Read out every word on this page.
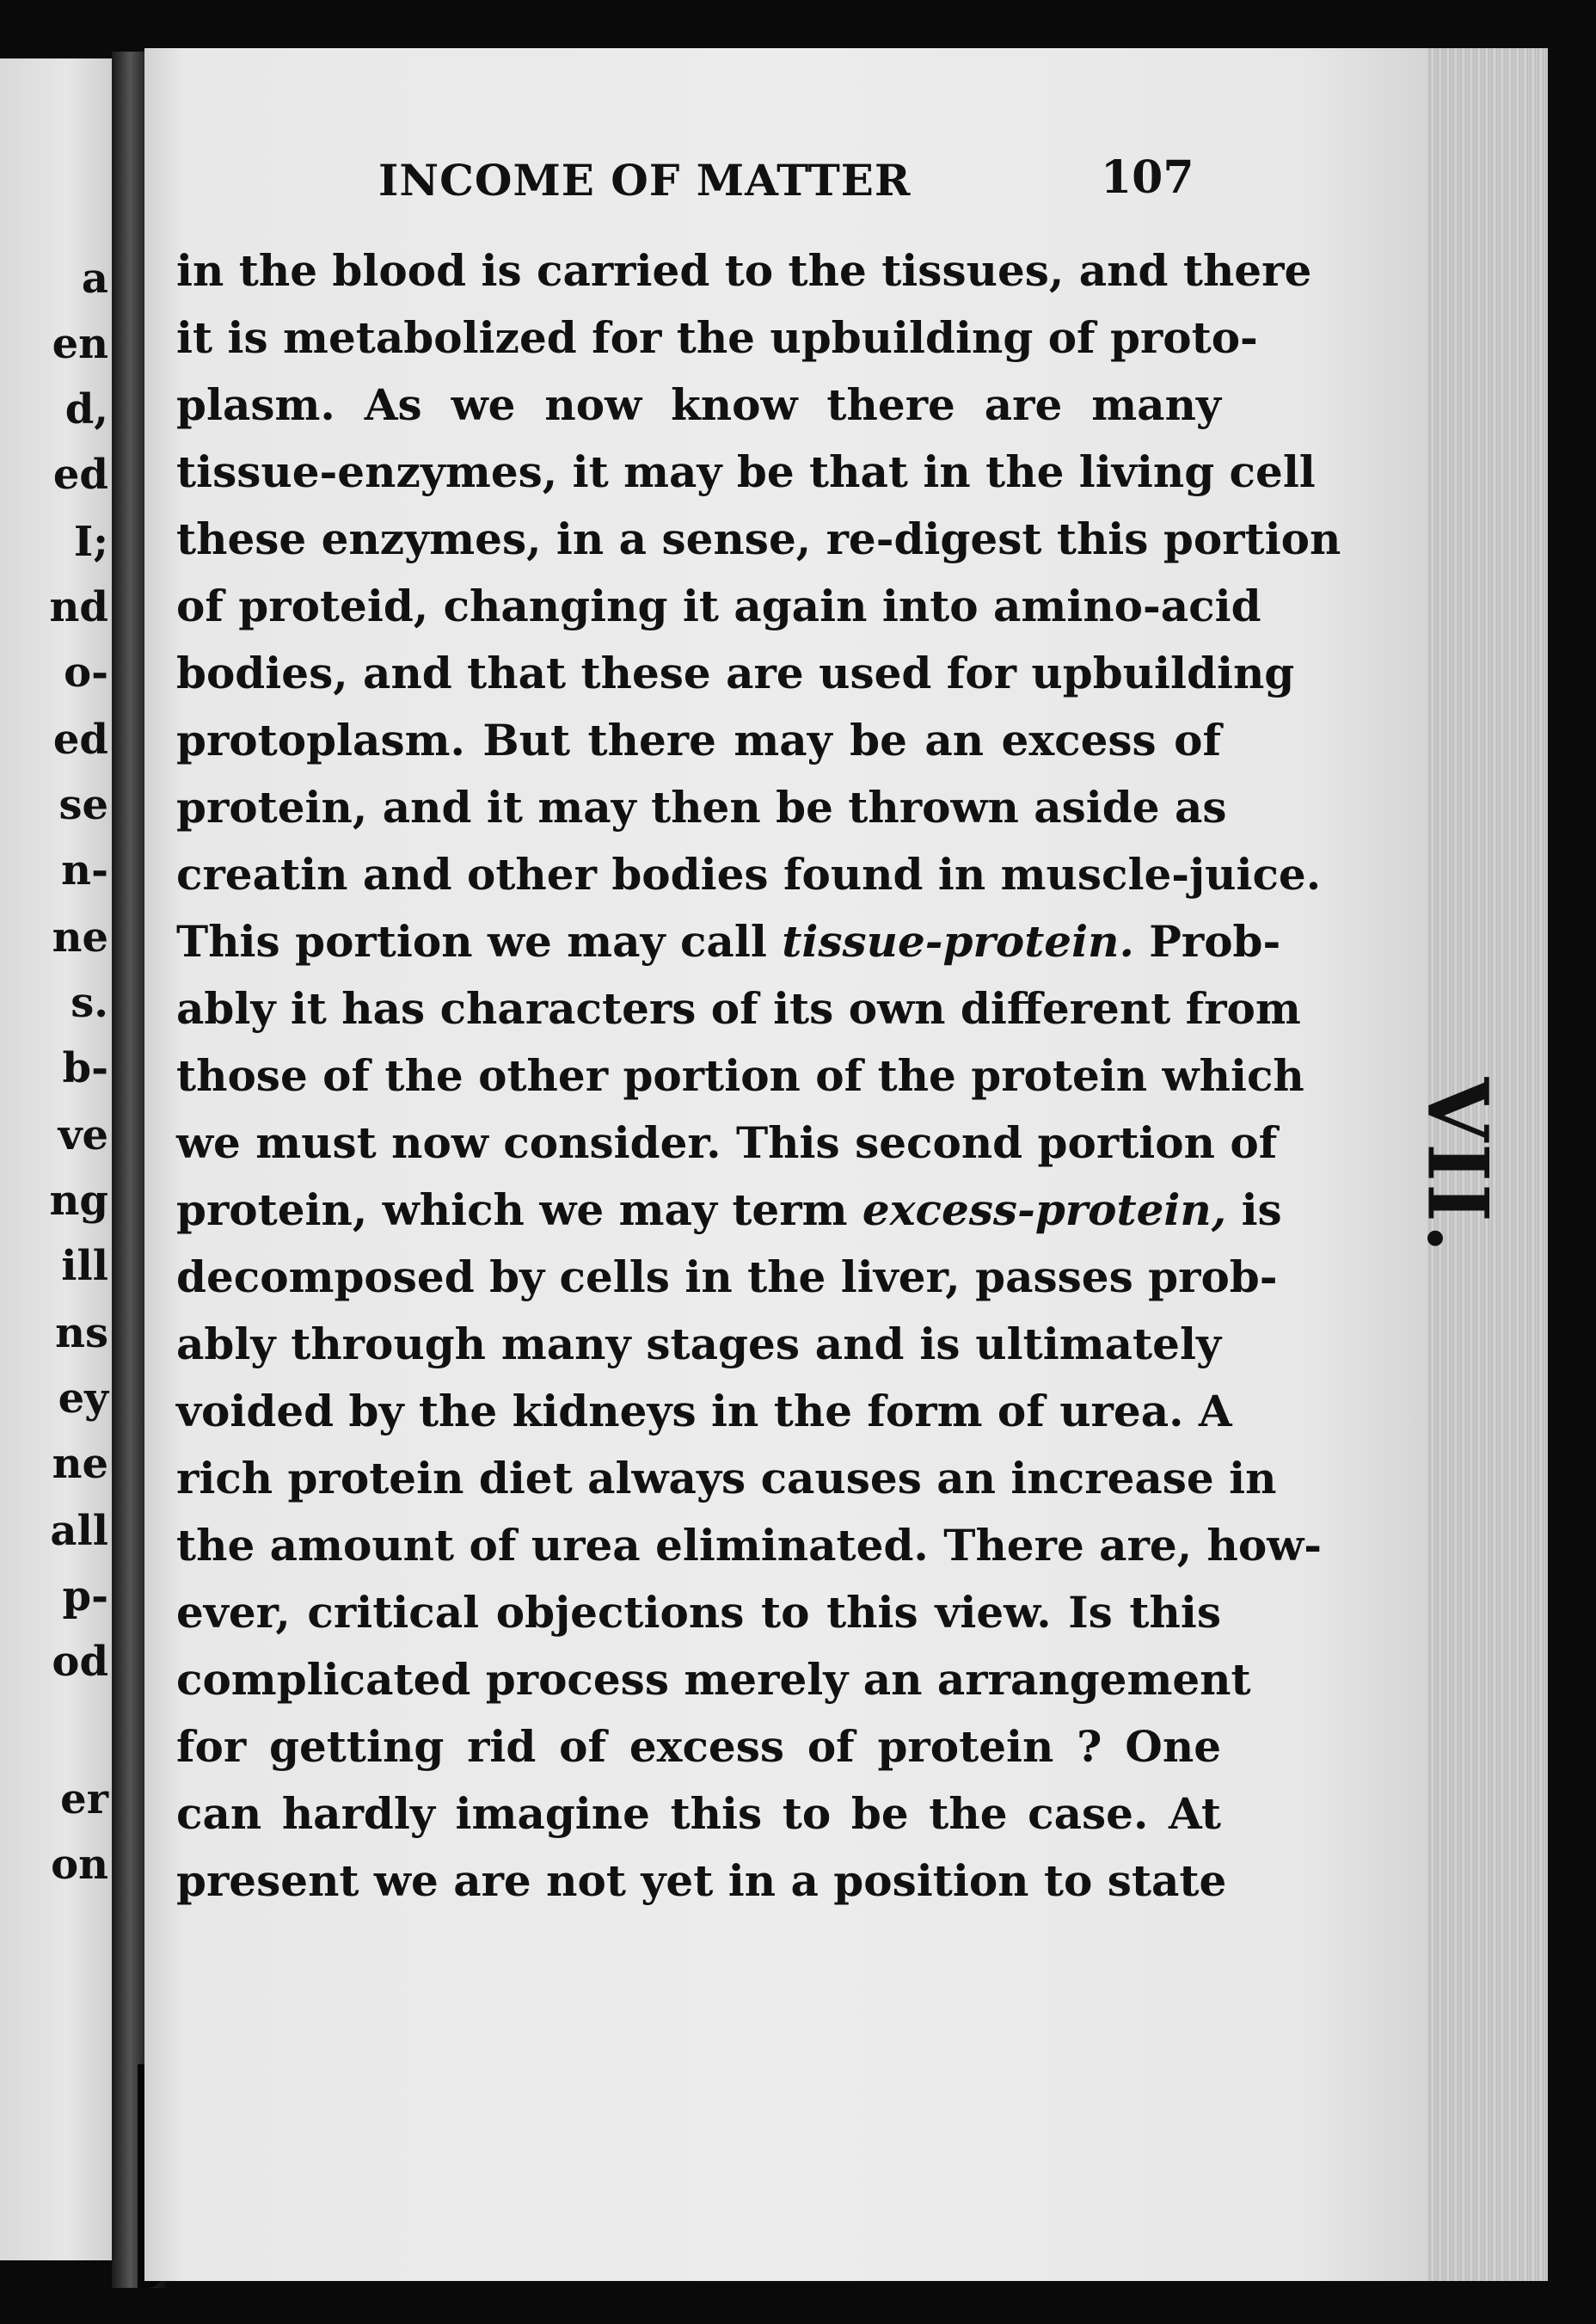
a
en
d,
ed
I;
nd
o-
ed
se
n-
ne
s.
b-
ve
ng
ill
ns
ey
ne
all
p-
od
er
on
VII.
INCOME OF MATTER	107
in the blood is carried to the tissues, and there
it is metabolized for the upbuilding of proto-
plasm. As we now know there are many
tissue-enzymes, it may be that in the living cell
these enzymes, in a sense, re-digest this portion
of proteid, changing it again into amino-acid
bodies, and that these are used for upbuilding
protoplasm. But there may be an excess of
protein, and it may then be thrown aside as
creatin and other bodies found in muscle-juice.
This portion we may call tissue-protein. Prob-
ably it has characters of its own different from
those of the other portion of the protein which
we must now consider. This second portion of
protein, which we may term excess-protein, is
decomposed by cells in the liver, passes prob-
ably through many stages and is ultimately
voided by the kidneys in the form of urea. A
rich protein diet always causes an increase in
the amount of urea eliminated. There are, how-
ever, critical objections to this view. Is this
complicated process merely an arrangement
for getting rid of excess of protein ? One
can hardly imagine this to be the case. At
present we are not yet in a position to state
